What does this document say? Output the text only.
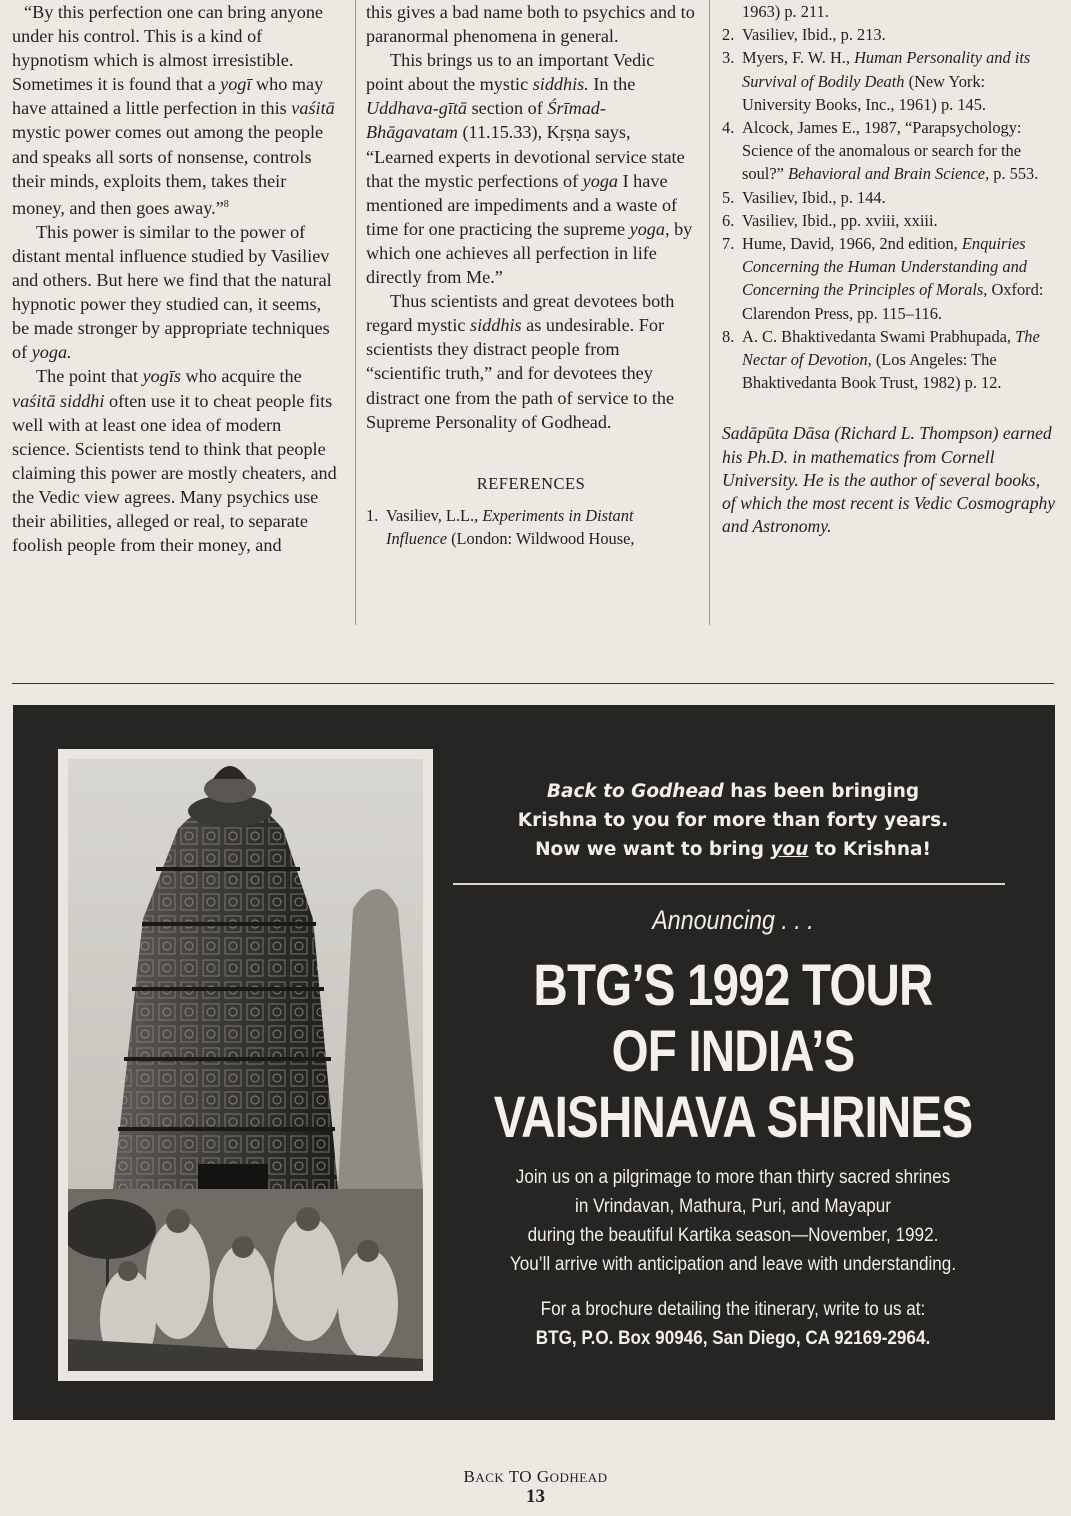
“By this perfection one can bring anyone under his control. This is a kind of hypnotism which is almost irresistible. Sometimes it is found that a yogī who may have attained a little perfection in this vaśitā mystic power comes out among the people and speaks all sorts of nonsense, controls their minds, exploits them, takes their money, and then goes away.”$^8$

This power is similar to the power of distant mental influence studied by Vasiliev and others. But here we find that the natural hypnotic power they studied can, it seems, be made stronger by appropriate techniques of yoga.

The point that yogīs who acquire the vaśitā siddhi often use it to cheat people fits well with at least one idea of modern science. Scientists tend to think that people claiming this power are mostly cheaters, and the Vedic view agrees. Many psychics use their abilities, alleged or real, to separate foolish people from their money, and

this gives a bad name both to psychics and to paranormal phenomena in general.

This brings us to an important Vedic point about the mystic siddhis. In the Uddhava-gītā section of Śrīmad-Bhāgavatam (11.15.33), Kṛṣṇa says, “Learned experts in devotional service state that the mystic perfections of yoga I have mentioned are impediments and a waste of time for one practicing the supreme yoga, by which one achieves all perfection in life directly from Me.”

Thus scientists and great devotees both regard mystic siddhis as undesirable. For scientists they distract people from “scientific truth,” and for devotees they distract one from the path of service to the Supreme Personality of Godhead.

REFERENCES

1. Vasiliev, L.L., Experiments in Distant Influence (London: Wildwood House,
1963) p. 211.
2. Vasiliev, Ibid., p. 213.
3. Myers, F. W. H., Human Personality and its Survival of Bodily Death (New York: University Books, Inc., 1961) p. 145.
4. Alcock, James E., 1987, “Parapsychology: Science of the anomalous or search for the soul?” Behavioral and Brain Science, p. 553.
5. Vasiliev, Ibid., p. 144.
6. Vasiliev, Ibid., pp. xviii, xxiii.
7. Hume, David, 1966, 2nd edition, Enquiries Concerning the Human Understanding and Concerning the Principles of Morals, Oxford: Clarendon Press, pp. 115–116.
8. A. C. Bhaktivedanta Swami Prabhupada, The Nectar of Devotion, (Los Angeles: The Bhaktivedanta Book Trust, 1982) p. 12.

Sadāpūta Dāsa (Richard L. Thompson) earned his Ph.D. in mathematics from Cornell University. He is the author of several books, of which the most recent is Vedic Cosmography and Astronomy.

Back to Godhead has been bringing
Krishna to you for more than forty years.
Now we want to bring you to Krishna!
Announcing . . .
BTG’S 1992 TOUR
OF INDIA’S
VAISHNAVA SHRINES
Join us on a pilgrimage to more than thirty sacred shrines
in Vrindavan, Mathura, Puri, and Mayapur
during the beautiful Kartika season—November, 1992.
You’ll arrive with anticipation and leave with understanding.
For a brochure detailing the itinerary, write to us at:
BTG, P.O. Box 90946, San Diego, CA 92169-2964.
BACK TO GODHEAD
13
